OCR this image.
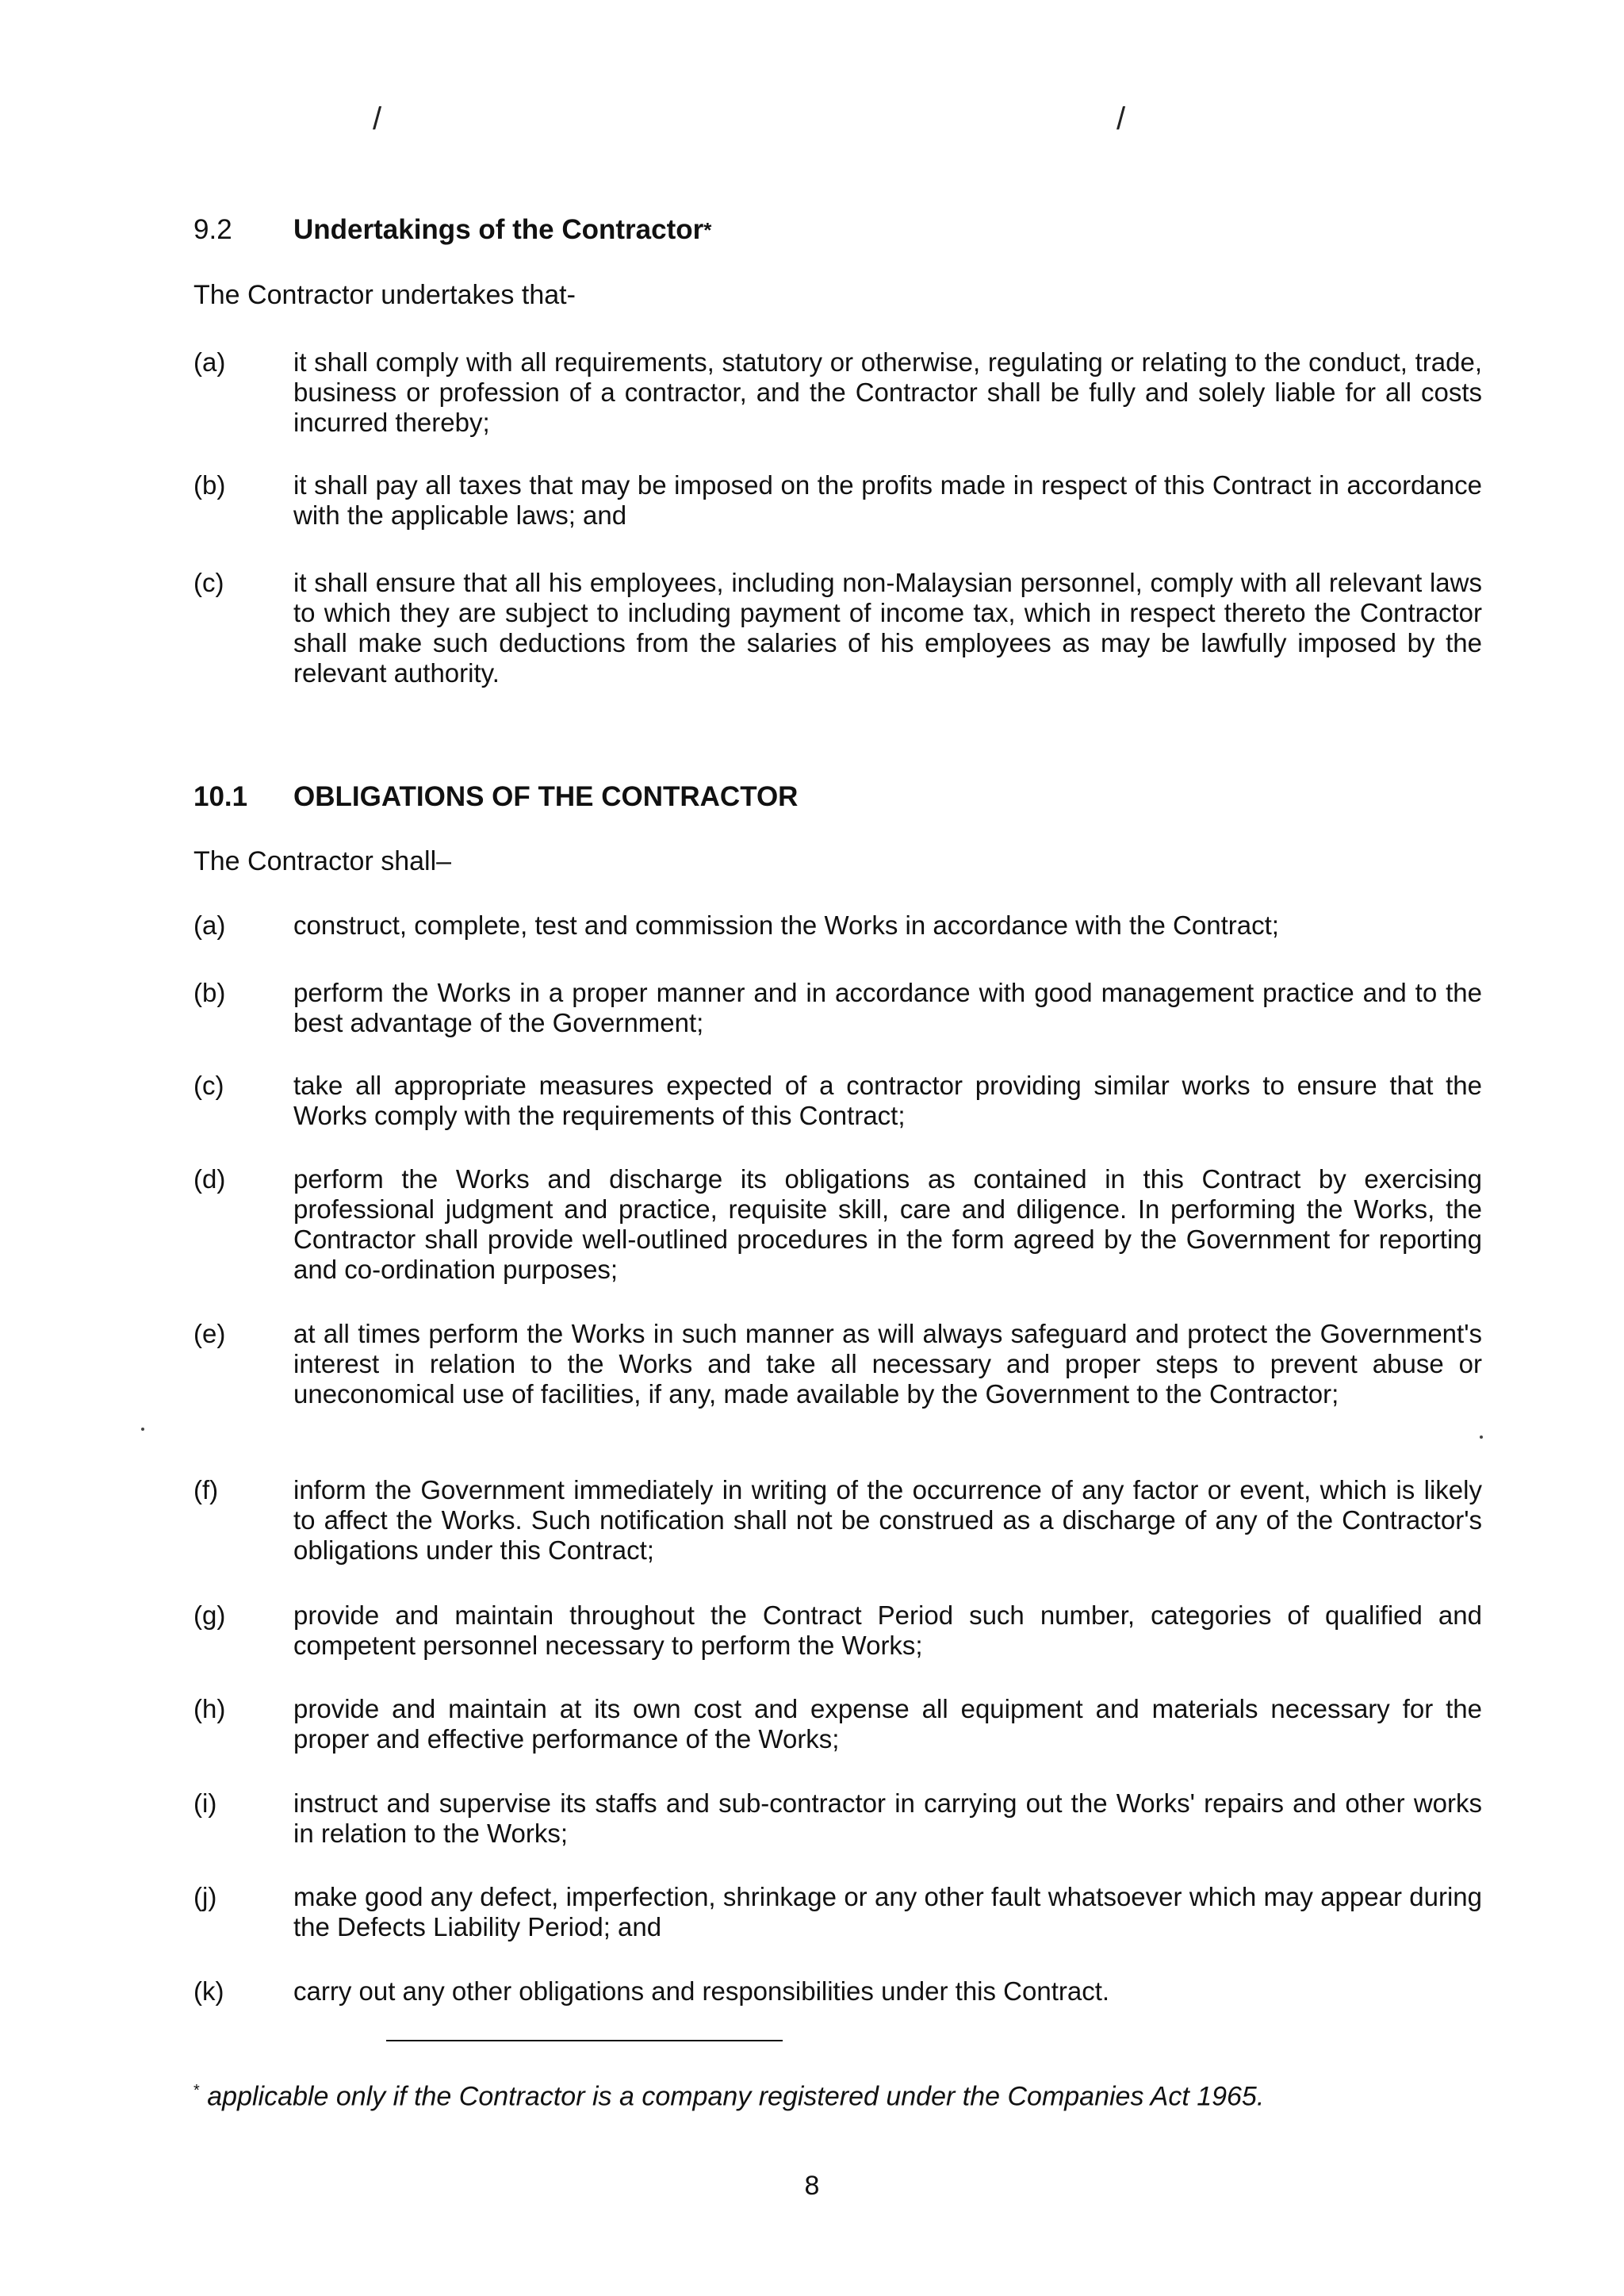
/	/
9.2	Undertakings of the Contractor*
The Contractor undertakes that-
(a)	it shall comply with all requirements, statutory or otherwise, regulating or relating to the conduct, trade, business or profession of a contractor, and the Contractor shall be fully and solely liable for all costs incurred thereby;
(b)	it shall pay all taxes that may be imposed on the profits made in respect of this Contract in accordance with the applicable laws; and
(c)	it shall ensure that all his employees, including non-Malaysian personnel, comply with all relevant laws to which they are subject to including payment of income tax, which in respect thereto the Contractor shall make such deductions from the salaries of his employees as may be lawfully imposed by the relevant authority.
10.1	OBLIGATIONS OF THE CONTRACTOR
The Contractor shall–
(a)	construct, complete, test and commission the Works in accordance with the Contract;
(b)	perform the Works in a proper manner and in accordance with good management practice and to the best advantage of the Government;
(c)	take all appropriate measures expected of a contractor providing similar works to ensure that the Works comply with the requirements of this Contract;
(d)	perform the Works and discharge its obligations as contained in this Contract by exercising professional judgment and practice, requisite skill, care and diligence. In performing the Works, the Contractor shall provide well-outlined procedures in the form agreed by the Government for reporting and co-ordination purposes;
(e)	at all times perform the Works in such manner as will always safeguard and protect the Government's interest in relation to the Works and take all necessary and proper steps to prevent abuse or uneconomical use of facilities, if any, made available by the Government to the Contractor;
(f)	inform the Government immediately in writing of the occurrence of any factor or event, which is likely to affect the Works. Such notification shall not be construed as a discharge of any of the Contractor's obligations under this Contract;
(g)	provide and maintain throughout the Contract Period such number, categories of qualified and competent personnel necessary to perform the Works;
(h)	provide and maintain at its own cost and expense all equipment and materials necessary for the proper and effective performance of the Works;
(i)	instruct and supervise its staffs and sub-contractor in carrying out the Works' repairs and other works in relation to the Works;
(j)	make good any defect, imperfection, shrinkage or any other fault whatsoever which may appear during the Defects Liability Period; and
(k)	carry out any other obligations and responsibilities under this Contract.
* applicable only if the Contractor is a company registered under the Companies Act 1965.
8
